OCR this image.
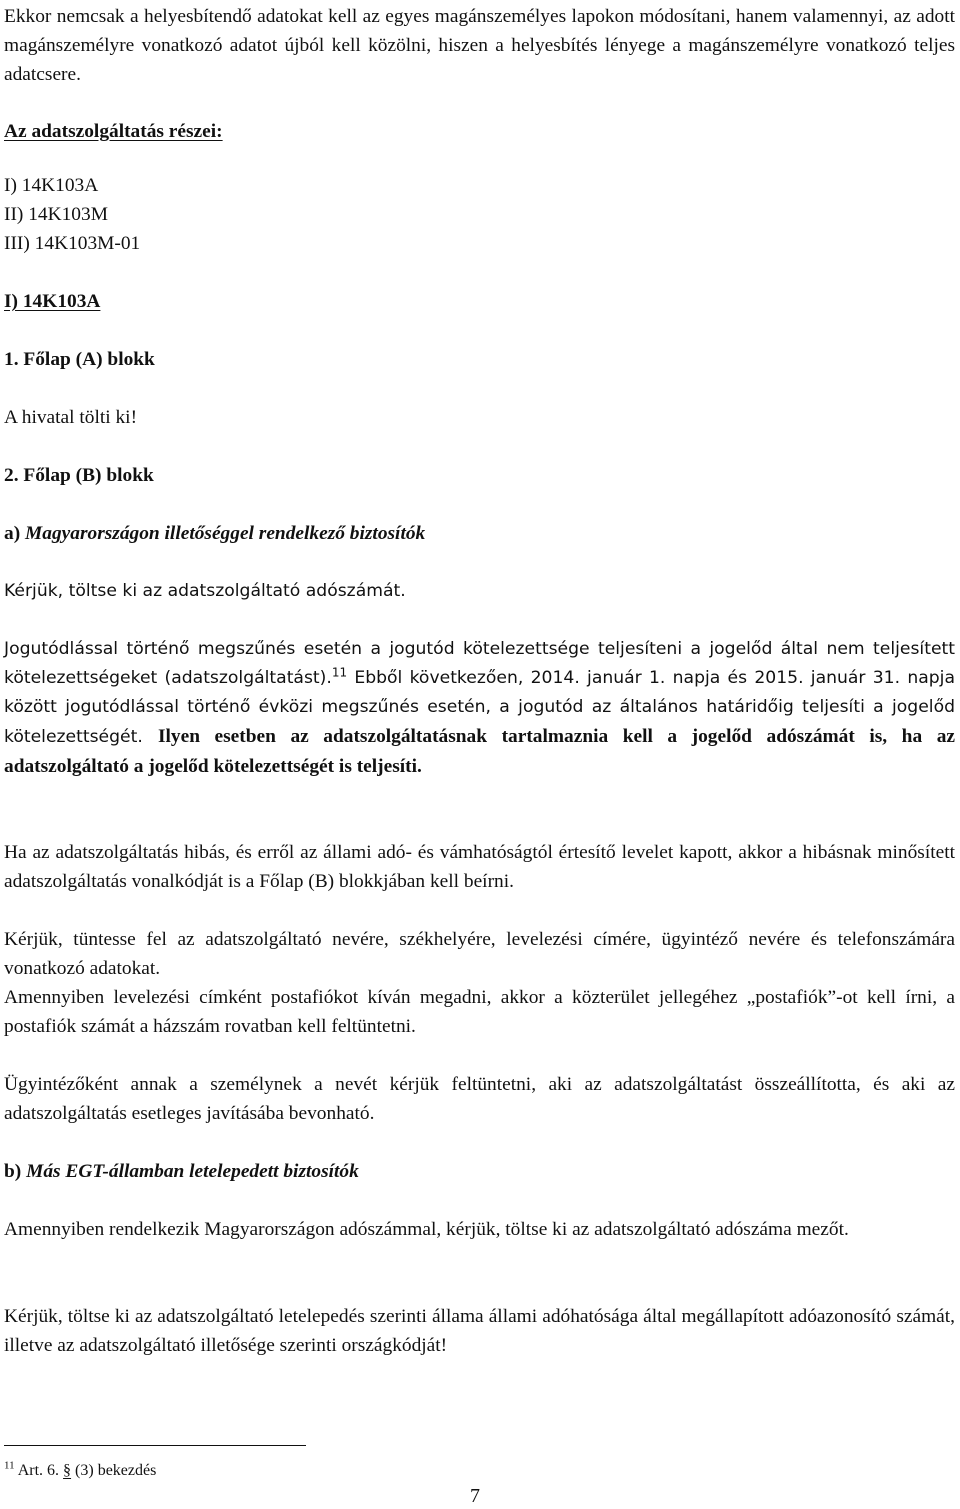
Ekkor nemcsak a helyesbítendő adatokat kell az egyes magánszemélyes lapokon módosítani, hanem valamennyi, az adott magánszemélyre vonatkozó adatot újból kell közölni, hiszen a helyesbítés lényege a magánszemélyre vonatkozó teljes adatcsere.

Az adatszolgáltatás részei:

I) 14K103A

II) 14K103M

III) 14K103M-01

I) 14K103A

1. Főlap (A) blokk

A hivatal tölti ki!

2. Főlap (B) blokk

a) Magyarországon illetőséggel rendelkező biztosítók

Kérjük, töltse ki az adatszolgáltató adószámát.

Jogutódlással történő megszűnés esetén a jogutód kötelezettsége teljesíteni a jogelőd által nem teljesített kötelezettségeket (adatszolgáltatást).$^{11}$ Ebből következően, 2014. január 1. napja és 2015. január 31. napja között jogutódlással történő évközi megszűnés esetén, a jogutód az általános határidőig teljesíti a jogelőd kötelezettségét. Ilyen esetben az adatszolgáltatásnak tartalmaznia kell a jogelőd adószámát is, ha az adatszolgáltató a jogelőd kötelezettségét is teljesíti.

Ha az adatszolgáltatás hibás, és erről az állami adó- és vámhatóságtól értesítő levelet kapott, akkor a hibásnak minősített adatszolgáltatás vonalkódját is a Főlap (B) blokkjában kell beírni.

Kérjük, tüntesse fel az adatszolgáltató nevére, székhelyére, levelezési címére, ügyintéző nevére és telefonszámára vonatkozó adatokat.

Amennyiben levelezési címként postafiókot kíván megadni, akkor a közterület jellegéhez „postafiók”-ot kell írni, a postafiók számát a házszám rovatban kell feltüntetni.

Ügyintézőként annak a személynek a nevét kérjük feltüntetni, aki az adatszolgáltatást összeállította, és aki az adatszolgáltatás esetleges javításába bevonható.

b) Más EGT-államban letelepedett biztosítók

Amennyiben rendelkezik Magyarországon adószámmal, kérjük, töltse ki az adatszolgáltató adószáma mezőt.

Kérjük, töltse ki az adatszolgáltató letelepedés szerinti állama állami adóhatósága által megállapított adóazonosító számát, illetve az adatszolgáltató illetősége szerinti országkódját!

$^{11}$ Art. 6. § (3) bekezdés
7
